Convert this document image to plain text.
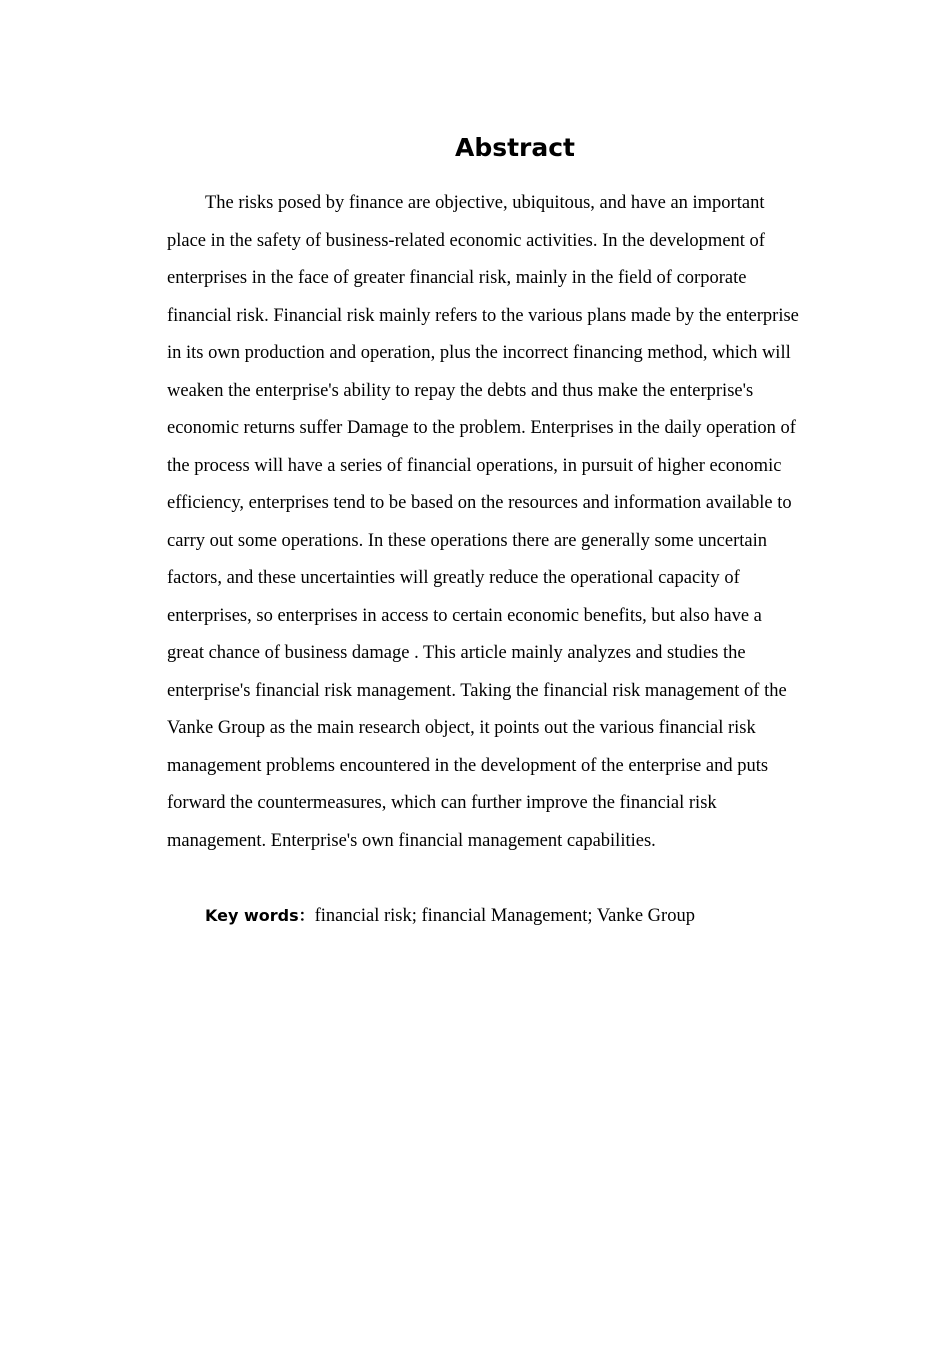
Abstract

The risks posed by finance are objective, ubiquitous, and have an important place in the safety of business-related economic activities. In the development of enterprises in the face of greater financial risk, mainly in the field of corporate financial risk. Financial risk mainly refers to the various plans made by the enterprise in its own production and operation, plus the incorrect financing method, which will weaken the enterprise's ability to repay the debts and thus make the enterprise's economic returns suffer Damage to the problem. Enterprises in the daily operation of the process will have a series of financial operations, in pursuit of higher economic efficiency, enterprises tend to be based on the resources and information available to carry out some operations. In these operations there are generally some uncertain factors, and these uncertainties will greatly reduce the operational capacity of enterprises, so enterprises in access to certain economic benefits, but also have a great chance of business damage . This article mainly analyzes and studies the enterprise's financial risk management. Taking the financial risk management of the Vanke Group as the main research object, it points out the various financial risk management problems encountered in the development of the enterprise and puts forward the countermeasures, which can further improve the financial risk management. Enterprise's own financial management capabilities.

Key words：financial risk; financial Management; Vanke Group
